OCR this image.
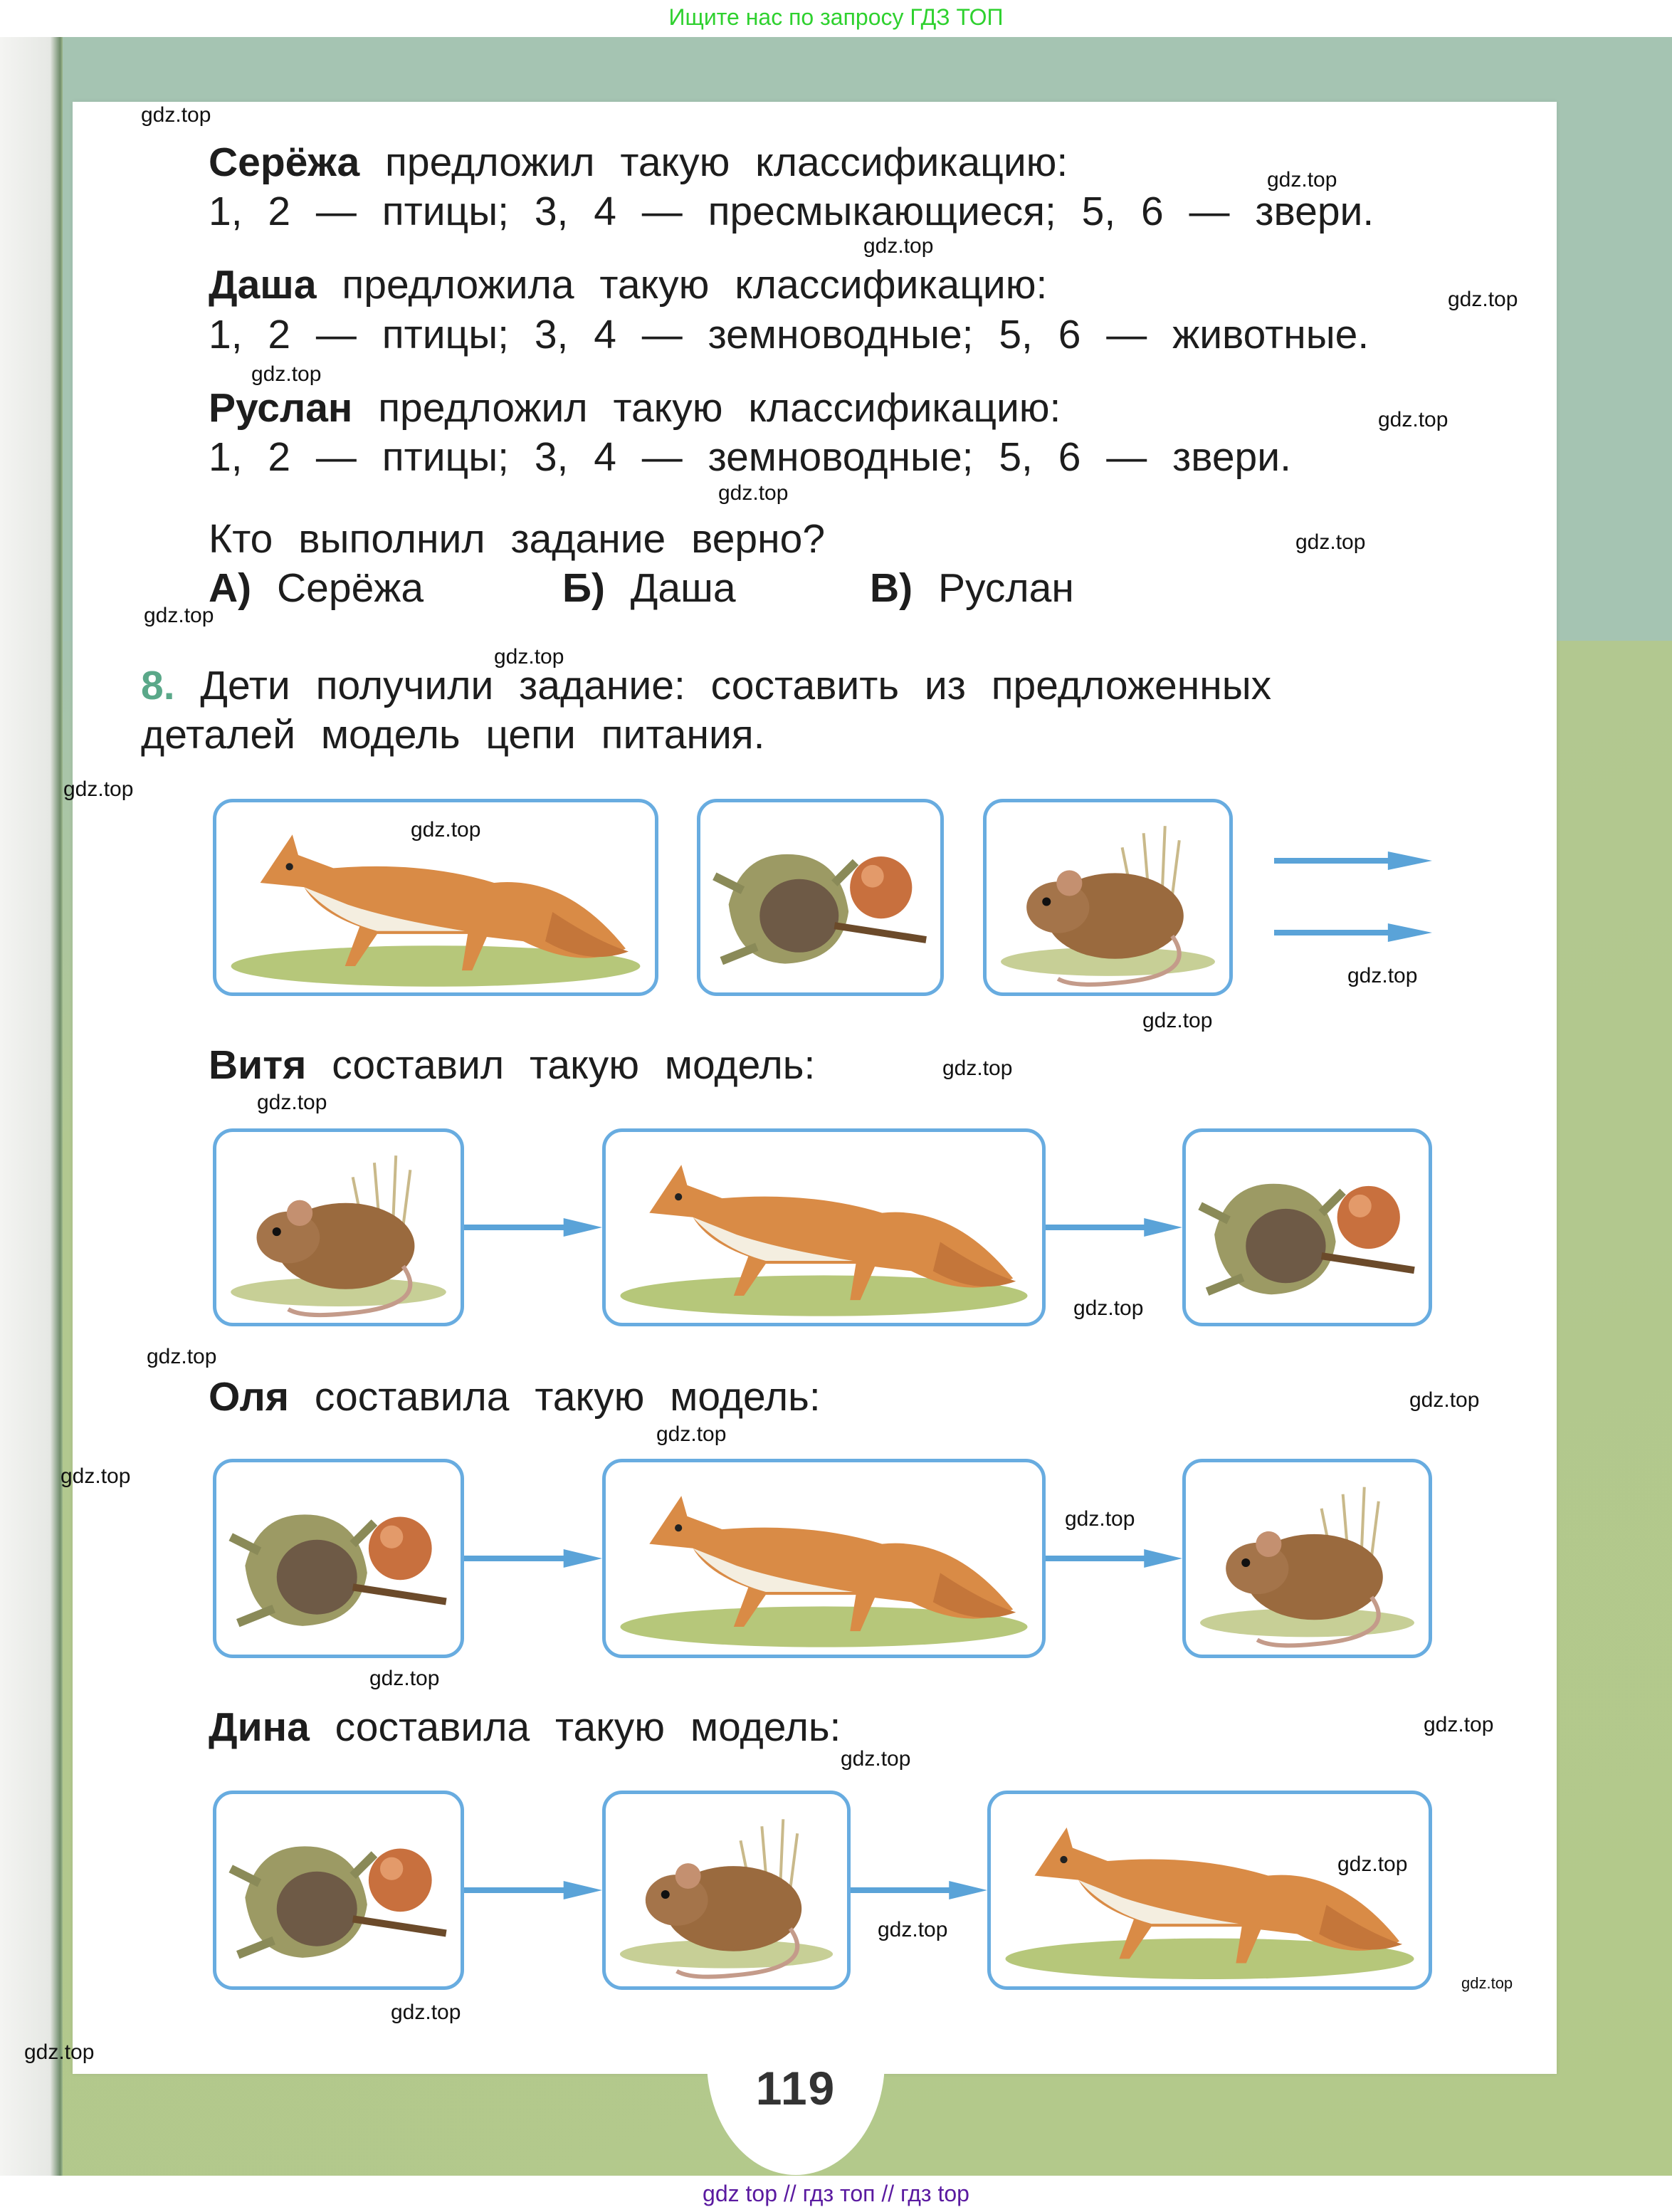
Ищите нас по запросу ГДЗ ТОП
119
gdz top // гдз топ // гдз top
Серёжа предложил такую классификацию:
1, 2 — птицы; 3, 4 — пресмыкающиеся; 5, 6 — звери.
Даша предложила такую классификацию:
1, 2 — птицы; 3, 4 — земноводные; 5, 6 — животные.
Руслан предложил такую классификацию:
1, 2 — птицы; 3, 4 — земноводные; 5, 6 — звери.
Кто выполнил задание верно?
А) Серёжа	Б) Даша	В) Руслан
8. Дети получили задание: составить из предложенных
деталей модель цепи питания.
Витя составил такую модель:
Оля составила такую модель:
Дина составила такую модель:
gdz.top
gdz.top
gdz.top
gdz.top
gdz.top
gdz.top
gdz.top
gdz.top
gdz.top
gdz.top
gdz.top
gdz.top
gdz.top
gdz.top
gdz.top
gdz.top
gdz.top
gdz.top
gdz.top
gdz.top
gdz.top
gdz.top
gdz.top
gdz.top
gdz.top
gdz.top
gdz.top
gdz.top
gdz.top
gdz.top
